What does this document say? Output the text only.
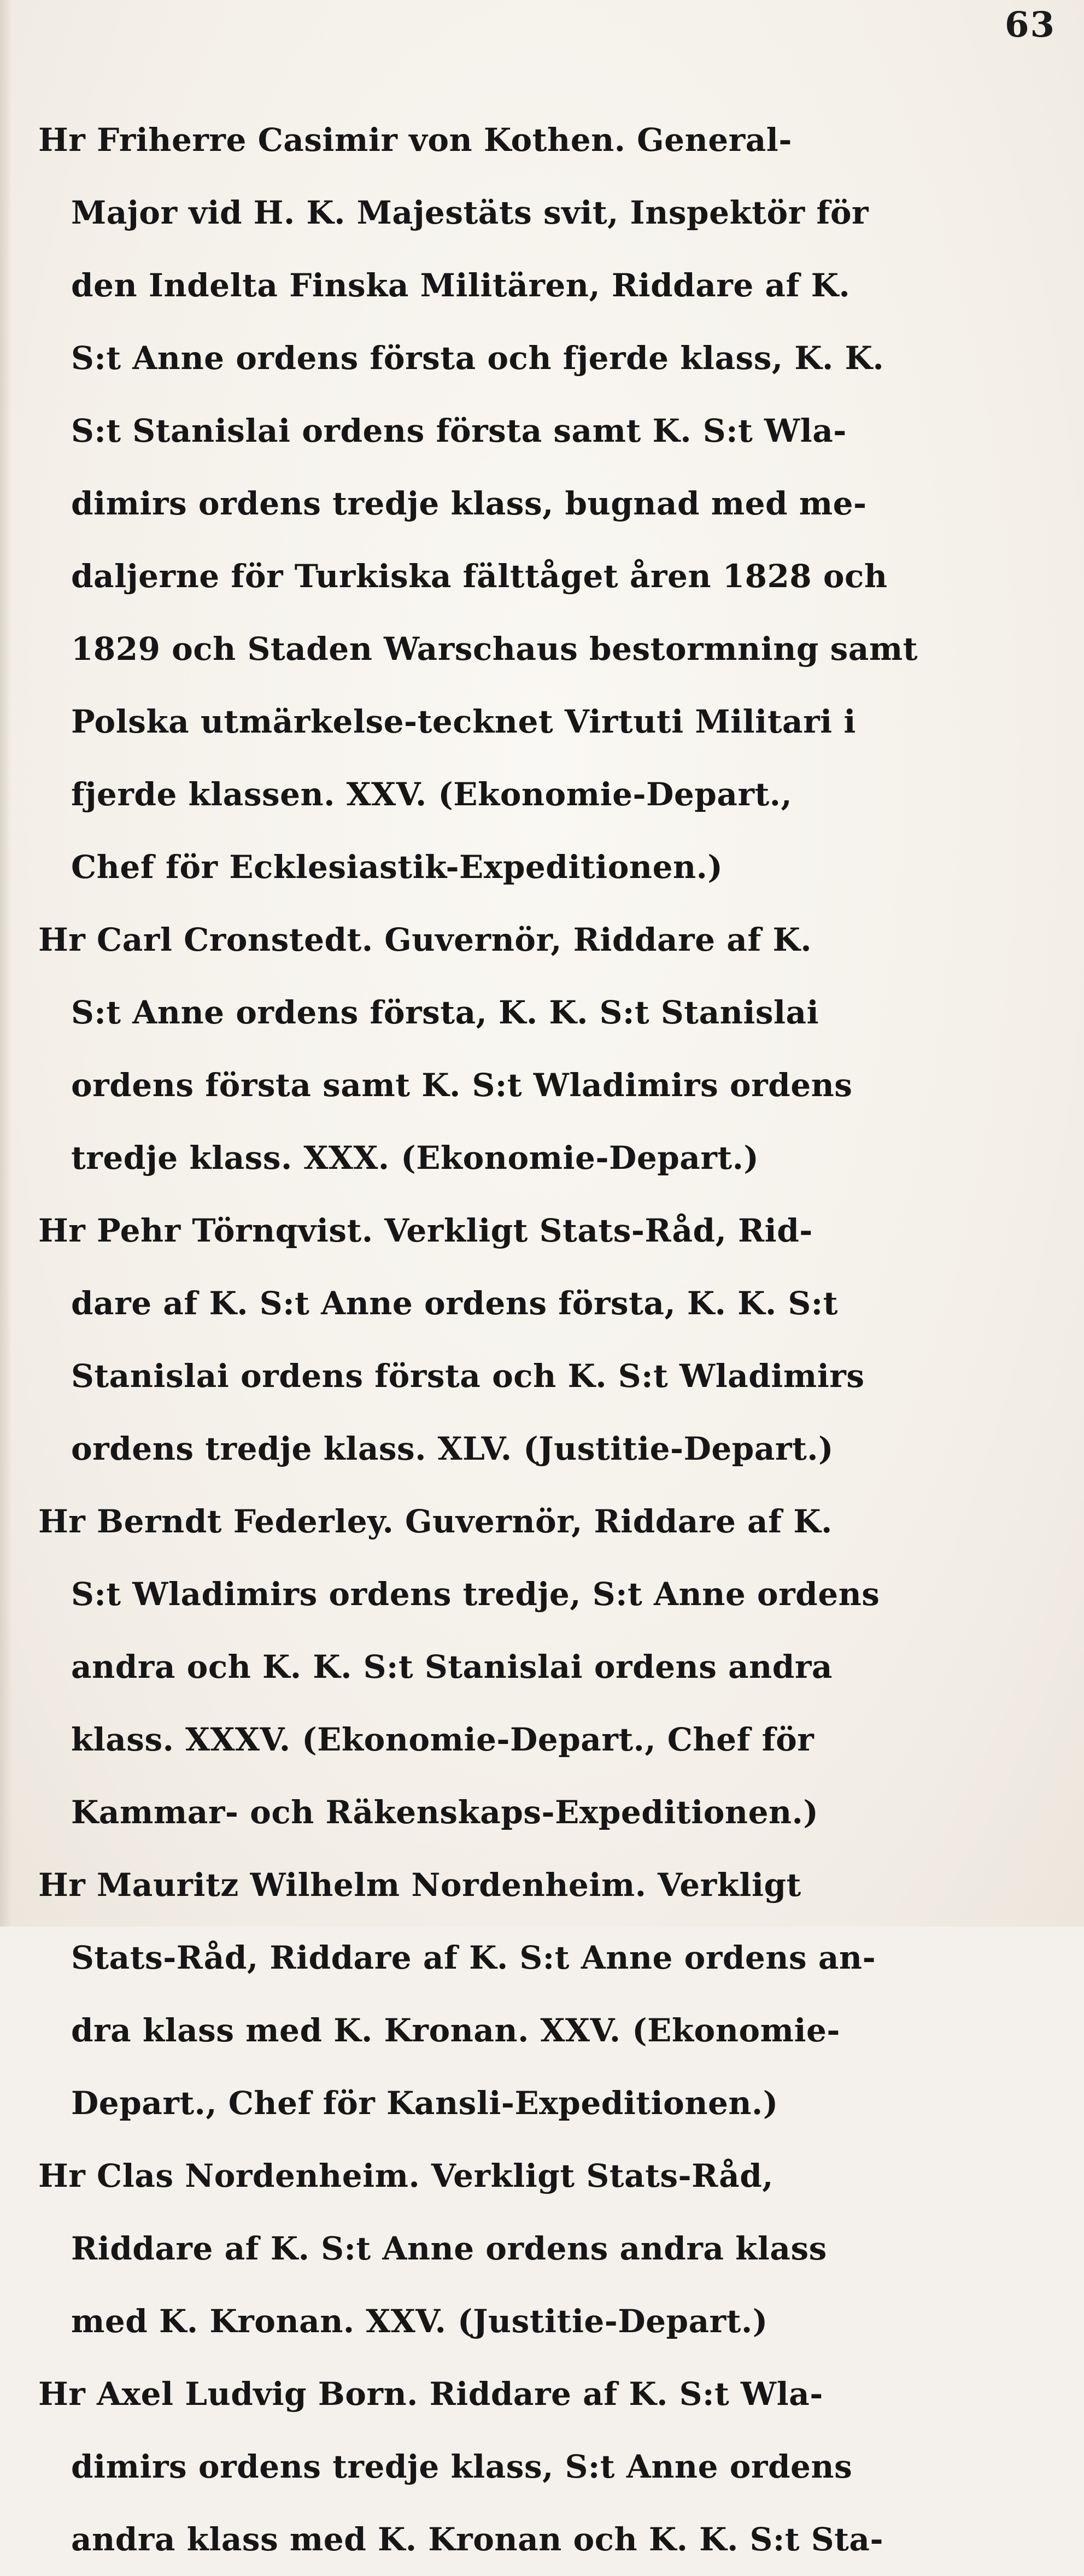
63
Hr Friherre Casimir von Kothen. General-
Major vid H. K. Majestäts svit, Inspektör för
den Indelta Finska Militären, Riddare af K.
S:t Anne ordens första och fjerde klass, K. K.
S:t Stanislai ordens första samt K. S:t Wla-
dimirs ordens tredje klass, bugnad med me-
daljerne för Turkiska fälttåget åren 1828 och
1829 och Staden Warschaus bestormning samt
Polska utmärkelse-tecknet Virtuti Militari i
fjerde klassen. XXV. (Ekonomie-Depart.,
Chef för Ecklesiastik-Expeditionen.)
Hr Carl Cronstedt. Guvernör, Riddare af K.
S:t Anne ordens första, K. K. S:t Stanislai
ordens första samt K. S:t Wladimirs ordens
tredje klass. XXX. (Ekonomie-Depart.)
Hr Pehr Törnqvist. Verkligt Stats-Råd, Rid-
dare af K. S:t Anne ordens första, K. K. S:t
Stanislai ordens första och K. S:t Wladimirs
ordens tredje klass. XLV. (Justitie-Depart.)
Hr Berndt Federley. Guvernör, Riddare af K.
S:t Wladimirs ordens tredje, S:t Anne ordens
andra och K. K. S:t Stanislai ordens andra
klass. XXXV. (Ekonomie-Depart., Chef för
Kammar- och Räkenskaps-Expeditionen.)
Hr Mauritz Wilhelm Nordenheim. Verkligt
Stats-Råd, Riddare af K. S:t Anne ordens an-
dra klass med K. Kronan. XXV. (Ekonomie-
Depart., Chef för Kansli-Expeditionen.)
Hr Clas Nordenheim. Verkligt Stats-Råd,
Riddare af K. S:t Anne ordens andra klass
med K. Kronan. XXV. (Justitie-Depart.)
Hr Axel Ludvig Born. Riddare af K. S:t Wla-
dimirs ordens tredje klass, S:t Anne ordens
andra klass med K. Kronan och K. K. S:t Sta-
